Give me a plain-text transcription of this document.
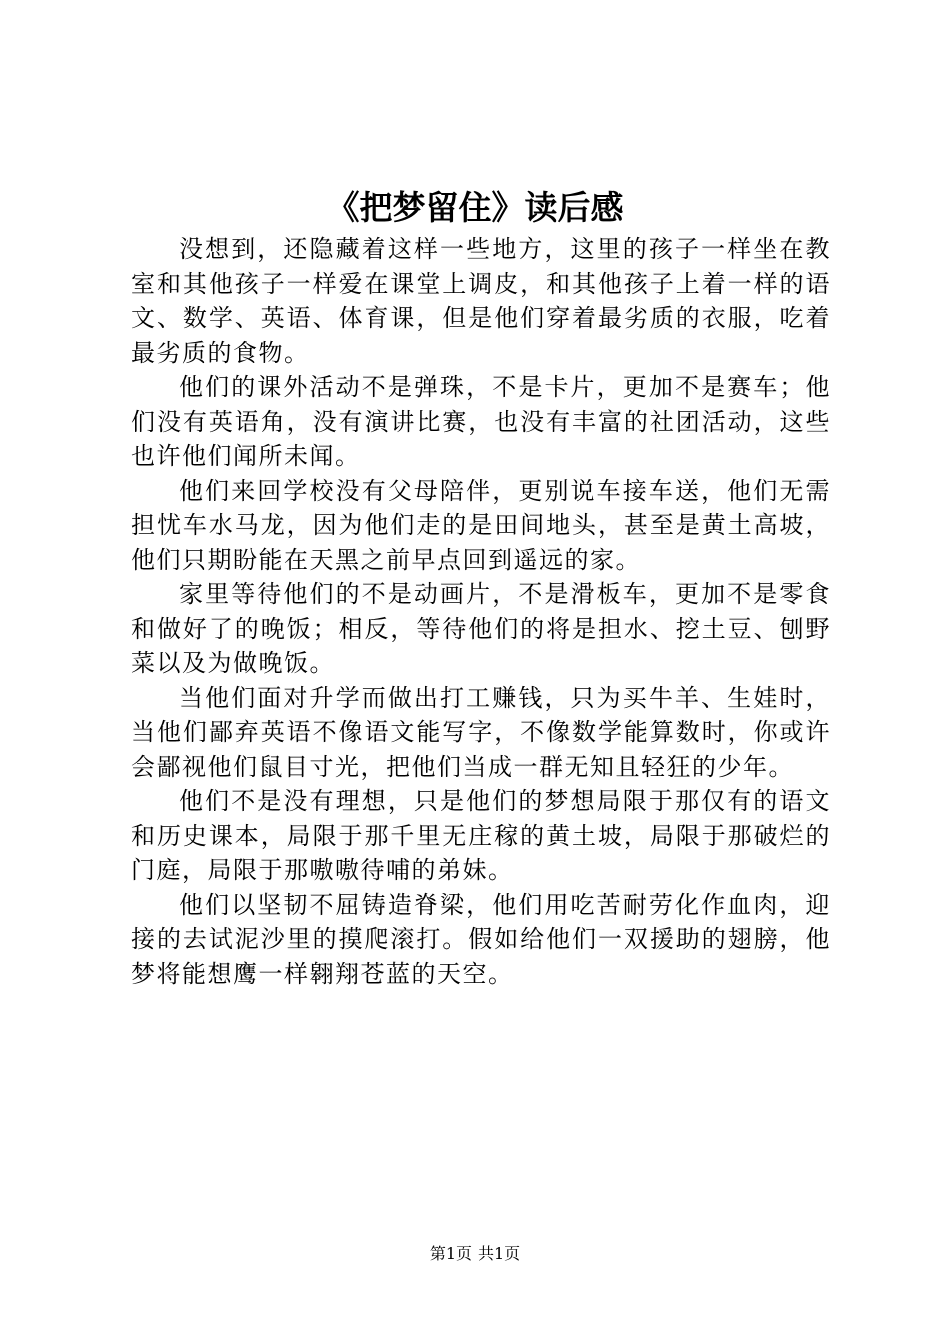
《把梦留住》读后感

没想到，还隐藏着这样一些地方，这里的孩子一样坐在教室和其他孩子一样爱在课堂上调皮，和其他孩子上着一样的语文、数学、英语、体育课，但是他们穿着最劣质的衣服，吃着最劣质的食物。

他们的课外活动不是弹珠，不是卡片，更加不是赛车；他们没有英语角，没有演讲比赛，也没有丰富的社团活动，这些也许他们闻所未闻。

他们来回学校没有父母陪伴，更别说车接车送，他们无需担忧车水马龙，因为他们走的是田间地头，甚至是黄土高坡，他们只期盼能在天黑之前早点回到遥远的家。

家里等待他们的不是动画片，不是滑板车，更加不是零食和做好了的晚饭；相反，等待他们的将是担水、挖土豆、刨野菜以及为做晚饭。

当他们面对升学而做出打工赚钱，只为买牛羊、生娃时，当他们鄙弃英语不像语文能写字，不像数学能算数时，你或许会鄙视他们鼠目寸光，把他们当成一群无知且轻狂的少年。

他们不是没有理想，只是他们的梦想局限于那仅有的语文和历史课本，局限于那千里无庄稼的黄土坡，局限于那破烂的门庭，局限于那嗷嗷待哺的弟妹。

他们以坚韧不屈铸造脊梁，他们用吃苦耐劳化作血肉，迎接的去试泥沙里的摸爬滚打。假如给他们一双援助的翅膀，他梦将能想鹰一样翱翔苍蓝的天空。

第1页 共1页
